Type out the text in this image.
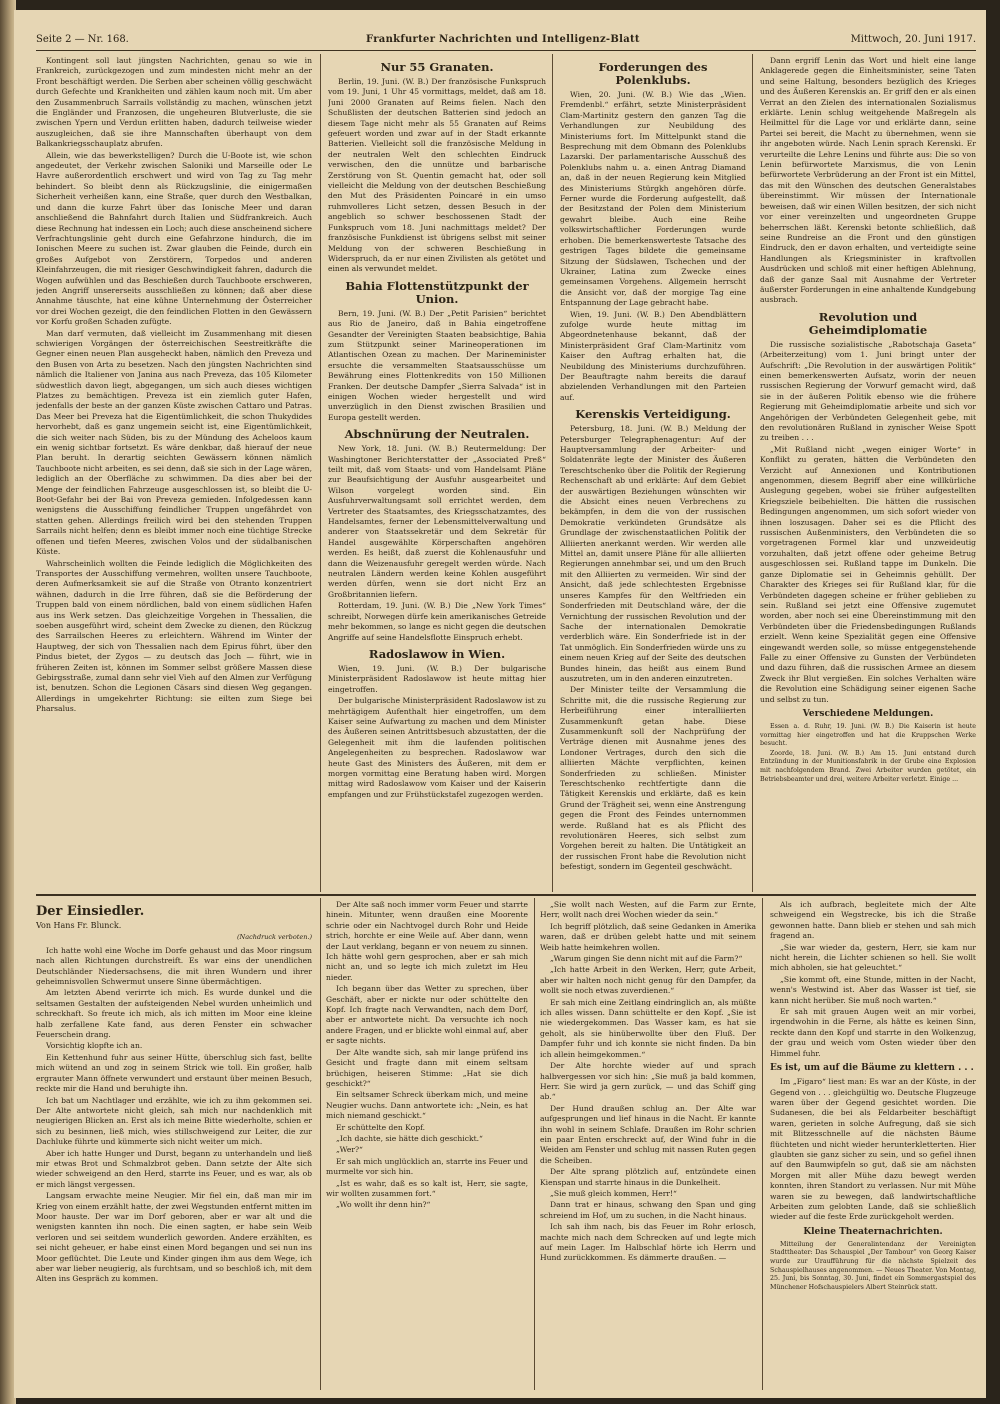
Seite 2 — Nr. 168.	Frankfurter Nachrichten und Intelligenz-Blatt	Mittwoch, 20. Juni 1917.

Kontingent soll laut jüngsten Nachrichten, genau so wie in Frankreich, zurückgezogen und zum mindesten nicht mehr an der Front beschäftigt werden. Die Serben aber scheinen völlig geschwächt durch Gefechte und Krankheiten und zählen kaum noch mit. Um aber den Zusammenbruch Sarrails vollständig zu machen, wünschen jetzt die Engländer und Franzosen, die ungeheuren Blutverluste, die sie zwischen Ypern und Verdun erlitten haben, dadurch teilweise wieder auszugleichen, daß sie ihre Mannschaften überhaupt von dem Balkankriegsschauplatz abrufen.

Allein, wie das bewerkstelligen? Durch die U-Boote ist, wie schon angedeutet, der Verkehr zwischen Saloniki und Marseille oder Le Havre außerordentlich erschwert und wird von Tag zu Tag mehr behindert. So bleibt denn als Rückzugslinie, die einigermaßen Sicherheit verheißen kann, eine Straße, quer durch den Westbalkan, und dann die kurze Fahrt über das Ionische Meer und daran anschließend die Bahnfahrt durch Italien und Südfrankreich. Auch diese Rechnung hat indessen ein Loch; auch diese anscheinend sichere Verfrachtungslinie geht durch eine Gefahrzone hindurch, die im Ionischen Meere zu suchen ist. Zwar glauben die Feinde, durch ein großes Aufgebot von Zerstörern, Torpedos und anderen Kleinfahrzeugen, die mit riesiger Geschwindigkeit fahren, dadurch die Wogen aufwühlen und das Beschießen durch Tauchboote erschweren, jeden Angriff unsererseits ausschließen zu können; daß aber diese Annahme täuschte, hat eine kühne Unternehmung der Österreicher vor drei Wochen gezeigt, die den feindlichen Flotten in den Gewässern vor Korfu großen Schaden zufügte.

Man darf vermuten, daß vielleicht im Zusammenhang mit diesen schwierigen Vorgängen der österreichischen Seestreitkräfte die Gegner einen neuen Plan ausgeheckt haben, nämlich den Preveza und den Busen von Arta zu besetzen. Nach den jüngsten Nachrichten sind nämlich die Italiener von Janina aus nach Preveza, das 105 Kilometer südwestlich davon liegt, abgegangen, um sich auch dieses wichtigen Platzes zu bemächtigen. Preveza ist ein ziemlich guter Hafen, jedenfalls der beste an der ganzen Küste zwischen Cattaro und Patras. Das Meer bei Preveza hat die Eigentümlichkeit, die schon Thukydides hervorhebt, daß es ganz ungemein seicht ist, eine Eigentümlichkeit, die sich weiter nach Süden, bis zu der Mündung des Acheloos kaum ein wenig sichtbar fortsetzt. Es wäre denkbar, daß hierauf der neue Plan beruht. In derartig seichten Gewässern können nämlich Tauchboote nicht arbeiten, es sei denn, daß sie sich in der Lage wären, lediglich an der Oberfläche zu schwimmen. Da dies aber bei der Menge der feindlichen Fahrzeuge ausgeschlossen ist, so bleibt die U-Boot-Gefahr bei der Bai von Preveza gemieden. Infolgedessen kann wenigstens die Ausschiffung feindlicher Truppen ungefährdet von statten gehen. Allerdings freilich wird bei den stehenden Truppen Sarrails nicht helfen; denn es bleibt immer noch eine tüchtige Strecke offenen und tiefen Meeres, zwischen Volos und der südalbanischen Küste.

Wahrscheinlich wollten die Feinde lediglich die Möglichkeiten des Transportes der Ausschiffung vermehren, wollten unsere Tauchboote, deren Aufmerksamkeit sie auf die Straße von Otranto konzentriert wähnen, dadurch in die Irre führen, daß sie die Beförderung der Truppen bald von einem nördlichen, bald von einem südlichen Hafen aus ins Werk setzen. Das gleichzeitige Vorgehen in Thessalien, die soeben ausgeführt wird, scheint dem Zwecke zu dienen, den Rückzug des Sarrailschen Heeres zu erleichtern. Während im Winter der Hauptweg, der sich von Thessalien nach dem Epirus führt, über den Pindus bietet, der Zygos — zu deutsch das Joch — führt, wie in früheren Zeiten ist, können im Sommer selbst größere Massen diese Gebirgsstraße, zumal dann sehr viel Vieh auf den Almen zur Verfügung ist, benutzen. Schon die Legionen Cäsars sind diesen Weg gegangen. Allerdings in umgekehrter Richtung: sie eilten zum Siege bei Pharsalus.

Nur 55 Granaten.

Berlin, 19. Juni. (W. B.) Der französische Funkspruch vom 19. Juni, 1 Uhr 45 vormittags, meldet, daß am 18. Juni 2000 Granaten auf Reims fielen. Nach den Schußlisten der deutschen Batterien sind jedoch an diesem Tage nicht mehr als 55 Granaten auf Reims gefeuert worden und zwar auf in der Stadt erkannte Batterien. Vielleicht soll die französische Meldung in der neutralen Welt den schlechten Eindruck verwischen, den die unnütze und barbarische Zerstörung von St. Quentin gemacht hat, oder soll vielleicht die Meldung von der deutschen Beschießung den Mut des Präsidenten Poincaré in ein umso ruhmvolleres Licht setzen, dessen Besuch in der angeblich so schwer beschossenen Stadt der Funkspruch vom 18. Juni nachmittags meldet? Der französische Funkdienst ist übrigens selbst mit seiner Meldung von der schweren Beschießung in Widerspruch, da er nur einen Zivilisten als getötet und einen als verwundet meldet.

Bahia Flottenstützpunkt der Union.

Bern, 19. Juni. (W. B.) Der „Petit Parisien“ berichtet aus Rio de Janeiro, daß in Bahia eingetroffene Gesandter der Vereinigten Staaten beabsichtige, Bahia zum Stützpunkt seiner Marineoperationen im Atlantischen Ozean zu machen. Der Marineminister ersuchte die versammelten Staatsausschüsse um Bewährung eines Flottenkredits von 150 Millionen Franken. Der deutsche Dampfer „Sierra Salvada“ ist in einigen Wochen wieder hergestellt und wird unverzüglich in den Dienst zwischen Brasilien und Europa gestellt werden.

Abschnürung der Neutralen.

New York, 18. Juni. (W. B.) Reutermeldung: Der Washingtoner Berichterstatter der „Associated Preß“ teilt mit, daß vom Staats- und vom Handelsamt Pläne zur Beaufsichtigung der Ausfuhr ausgearbeitet und Wilson vorgelegt worden sind. Ein Ausfuhrverwaltungsamt soll errichtet werden, dem Vertreter des Staatsamtes, des Kriegsschatzamtes, des Handelsamtes, ferner der Lebensmittelverwaltung und anderer von Staatssekretär und dem Sekretär für Handel ausgewählte Körperschaften angehören werden. Es heißt, daß zuerst die Kohlenausfuhr und dann die Weizenausfuhr geregelt werden würde. Nach neutralen Ländern werden keine Kohlen ausgeführt werden dürfen, wenn sie dort nicht Erz an Großbritannien liefern.

Rotterdam, 19. Juni. (W. B.) Die „New York Times“ schreibt, Norwegen dürfe kein amerikanisches Getreide mehr bekommen, so lange es nicht gegen die deutschen Angriffe auf seine Handelsflotte Einspruch erhebt.

Radoslawow in Wien.

Wien, 19. Juni. (W. B.) Der bulgarische Ministerpräsident Radoslawow ist heute mittag hier eingetroffen.

Der bulgarische Ministerpräsident Radoslawow ist zu mehrtägigem Aufenthalt hier eingetroffen, um dem Kaiser seine Aufwartung zu machen und dem Minister des Äußeren seinen Antrittsbesuch abzustatten, der die Gelegenheit mit ihm die laufenden politischen Angelegenheiten zu besprechen. Radoslawow war heute Gast des Ministers des Äußeren, mit dem er morgen vormittag eine Beratung haben wird. Morgen mittag wird Radoslawow vom Kaiser und der Kaiserin empfangen und zur Frühstückstafel zugezogen werden.

Forderungen des Polenklubs.

Wien, 20. Juni. (W. B.) Wie das „Wien. Fremdenbl.“ erfährt, setzte Ministerpräsident Clam-Martinitz gestern den ganzen Tag die Verhandlungen zur Neubildung des Ministeriums fort. Im Mittelpunkt stand die Besprechung mit dem Obmann des Polenklubs Lazarski. Der parlamentarische Ausschuß des Polenklubs nahm u. a. einen Antrag Diamand an, daß in der neuen Regierung kein Mitglied des Ministeriums Stürgkh angehören dürfe. Ferner wurde die Forderung aufgestellt, daß der Besitzstand der Polen dem Ministerium gewahrt bleibe. Auch eine Reihe volkswirtschaftlicher Forderungen wurde erhoben. Die bemerkenswerteste Tatsache des gestrigen Tages bildete die gemeinsame Sitzung der Südslawen, Tschechen und der Ukrainer, Latina zum Zwecke eines gemeinsamen Vorgehens. Allgemein herrscht die Ansicht vor, daß der morgige Tag eine Entspannung der Lage gebracht habe.

Wien, 19. Juni. (W. B.) Den Abendblättern zufolge wurde heute mittag im Abgeordnetenhause bekannt, daß der Ministerpräsident Graf Clam-Martinitz vom Kaiser den Auftrag erhalten hat, die Neubildung des Ministeriums durchzuführen. Der Beauftragte nahm bereits die darauf abzielenden Verhandlungen mit den Parteien auf.

Kerenskis Verteidigung.

Petersburg, 18. Juni. (W. B.) Meldung der Petersburger Telegraphenagentur: Auf der Hauptversammlung der Arbeiter- und Soldatenräte legte der Minister des Äußeren Tereschtschenko über die Politik der Regierung Rechenschaft ab und erklärte: Auf dem Gebiet der auswärtigen Beziehungen wünschten wir die Absicht eines neuen Verbrechens zu bekämpfen, in dem die von der russischen Demokratie verkündeten Grundsätze als Grundlage der zwischenstaatlichen Politik der Alliierten anerkannt werden. Wir werden alle Mittel an, damit unsere Pläne für alle alliierten Regierungen annehmbar sei, und um den Bruch mit den Alliierten zu vermeiden. Wir sind der Ansicht, daß jede schlechtesten Ergebnisse unseres Kampfes für den Weltfrieden ein Sonderfrieden mit Deutschland wäre, der die Vernichtung der russischen Revolution und der Sache der internationalen Demokratie verderblich wäre. Ein Sonderfriede ist in der Tat unmöglich. Ein Sonderfrieden würde uns zu einem neuen Krieg auf der Seite des deutschen Bundes hinein, das heißt aus einem Bund auszutreten, um in den anderen einzutreten.

Der Minister teilte der Versammlung die Schritte mit, die die russische Regierung zur Herbeiführung einer interalliierten Zusammenkunft getan habe. Diese Zusammenkunft soll der Nachprüfung der Verträge dienen mit Ausnahme jenes des Londoner Vertrages, durch den sich die alliierten Mächte verpflichten, keinen Sonderfrieden zu schließen. Minister Tereschtschenko rechtfertigte dann die Tätigkeit Kerenskis und erklärte, daß es kein Grund der Trägheit sei, wenn eine Anstrengung gegen die Front des Feindes unternommen werde. Rußland hat es als Pflicht des revolutionären Heeres, sich selbst zum Vorgehen bereit zu halten. Die Untätigkeit an der russischen Front habe die Revolution nicht befestigt, sondern im Gegenteil geschwächt.

Dann ergriff Lenin das Wort und hielt eine lange Anklagerede gegen die Einheitsminister, seine Taten und seine Haltung, besonders bezüglich des Krieges und des Äußeren Kerenskis an. Er griff den er als einen Verrat an den Zielen des internationalen Sozialismus erklärte. Lenin schlug weitgehende Maßregeln als Heilmittel für die Lage vor und erklärte dann, seine Partei sei bereit, die Macht zu übernehmen, wenn sie ihr angeboten würde. Nach Lenin sprach Kerenski. Er verurteilte die Lehre Lenins und führte aus: Die so von Lenin befürwortete Marxismus, die von Lenin befürwortete Verbrüderung an der Front ist ein Mittel, das mit den Wünschen des deutschen Generalstabes übereinstimmt. Wir müssen der Internationale beweisen, daß wir einen Willen besitzen, der sich nicht vor einer vereinzelten und ungeordneten Gruppe beherrschen läßt. Kerenski betonte schließlich, daß seine Rundreise an die Front und den günstigen Eindruck, den er davon erhalten, und verteidigte seine Handlungen als Kriegsminister in kraftvollen Ausdrücken und schloß mit einer heftigen Ablehnung, daß der ganze Saal mit Ausnahme der Vertreter äußerster Forderungen in eine anhaltende Kundgebung ausbrach.

Revolution und Geheimdiplomatie

Die russische sozialistische „Rabotschaja Gaseta“ (Arbeiterzeitung) vom 1. Juni bringt unter der Aufschrift: „Die Revolution in der auswärtigen Politik“ einen bemerkenswerten Aufsatz, worin der neuen russischen Regierung der Vorwurf gemacht wird, daß sie in der äußeren Politik ebenso wie die frühere Regierung mit Geheimdiplomatie arbeite und sich vor Angehörigen der Verbündeten Gelegenheit gebe, mit den revolutionären Rußland in zynischer Weise Spott zu treiben . . .

„Mit Rußland nicht „wegen einiger Worte“ in Konflikt zu geraten, hätten die Verbündeten den Verzicht auf Annexionen und Kontributionen angenommen, diesem Begriff aber eine willkürliche Auslegung gegeben, wobei sie früher aufgestellten Kriegsziele beibehielten. Die hätten die russischen Bedingungen angenommen, um sich sofort wieder von ihnen loszusagen. Daher sei es die Pflicht des russischen Außenministers, den Verbündeten die so vorgetragenen Formel klar und unzweideutig vorzuhalten, daß jetzt offene oder geheime Betrug ausgeschlossen sei. Rußland tappe im Dunkeln. Die ganze Diplomatie sei in Geheimnis gehüllt. Der Charakter des Krieges sei für Rußland klar, für die Verbündeten dagegen scheine er früher geblieben zu sein. Rußland sei jetzt eine Offensive zugemutet worden, aber noch sei eine Übereinstimmung mit den Verbündeten über die Friedensbedingungen Rußlands erzielt. Wenn keine Spezialität gegen eine Offensive eingewandt werden solle, so müsse entgegenstehende Falle zu einer Offensive zu Gunsten der Verbündeten und dazu führen, daß die russischen Armee an diesem Zweck ihr Blut vergießen. Ein solches Verhalten wäre die Revolution eine Schädigung seiner eigenen Sache und selbst zu tun.

Verschiedene Meldungen.

Essen a. d. Ruhr, 19. Juni. (W. B.) Die Kaiserin ist heute vormittag hier eingetroffen und hat die Kruppschen Werke besucht.

Zoorde, 18. Juni. (W. B.) Am 15. Juni entstand durch Entzündung in der Munitionsfabrik in der Grube eine Explosion mit nachfolgendem Brand. Zwei Arbeiter wurden getötet, ein Betriebsbeamter und drei, weitere Arbeiter verletzt. Einige ...

Der Einsiedler.

Von Hans Fr. Blunck.

(Nachdruck verboten.)

Ich hatte wohl eine Woche im Dorfe gehaust und das Moor ringsum nach allen Richtungen durchstreift. Es war eins der unendlichen Deutschländer Niedersachsens, die mit ihren Wundern und ihrer geheimnisvollen Schwermut unsere Sinne übermächtigen.

Am letzten Abend verirrte ich mich. Es wurde dunkel und die seltsamen Gestalten der aufsteigenden Nebel wurden unheimlich und schreckhaft. So freute ich mich, als ich mitten im Moor eine kleine halb zerfallene Kate fand, aus deren Fenster ein schwacher Feuerschein drang.

Vorsichtig klopfte ich an.

Ein Kettenhund fuhr aus seiner Hütte, überschlug sich fast, bellte mich wütend an und zog in seinem Strick wie toll. Ein großer, halb ergrauter Mann öffnete verwundert und erstaunt über meinen Besuch, reckte mir die Hand und beruhigte ihn.

Ich bat um Nachtlager und erzählte, wie ich zu ihm gekommen sei. Der Alte antwortete nicht gleich, sah mich nur nachdenklich mit neugierigen Blicken an. Erst als ich meine Bitte wiederholte, schien er sich zu besinnen, ließ mich, wies stillschweigend zur Leiter, die zur Dachluke führte und kümmerte sich nicht weiter um mich.

Aber ich hatte Hunger und Durst, begann zu unterhandeln und ließ mir etwas Brot und Schmalzbrot geben. Dann setzte der Alte sich wieder schweigend an den Herd, starrte ins Feuer, und es war, als ob er mich längst vergessen.

Langsam erwachte meine Neugier. Mir fiel ein, daß man mir im Krieg von einem erzählt hatte, der zwei Wegstunden entfernt mitten im Moor hauste. Der war im Dorf geboren, aber er war alt und die wenigsten kannten ihn noch. Die einen sagten, er habe sein Weib verloren und sei seitdem wunderlich geworden. Andere erzählten, es sei nicht geheuer, er habe einst einen Mord begangen und sei nun ins Moor geflüchtet. Die Leute und Kinder gingen ihm aus dem Wege, ich aber war lieber neugierig, als furchtsam, und so beschloß ich, mit dem Alten ins Gespräch zu kommen.

Der Alte saß noch immer vorm Feuer und starrte hinein. Mitunter, wenn draußen eine Moorente schrie oder ein Nachtvogel durch Rohr und Heide strich, horchte er eine Weile auf. Aber dann, wenn der Laut verklang, begann er von neuem zu sinnen. Ich hätte wohl gern gesprochen, aber er sah mich nicht an, und so legte ich mich zuletzt im Heu nieder.

Ich begann über das Wetter zu sprechen, über Geschäft, aber er nickte nur oder schüttelte den Kopf. Ich fragte nach Verwandten, nach dem Dorf, aber er antwortete nicht. Da versuchte ich noch andere Fragen, und er blickte wohl einmal auf, aber er sagte nichts.

Der Alte wandte sich, sah mir lange prüfend ins Gesicht und fragte dann mit einem seltsam brüchigen, heiseren Stimme: „Hat sie dich geschickt?“

Ein seltsamer Schreck überkam mich, und meine Neugier wuchs. Dann antwortete ich: „Nein, es hat mich niemand geschickt.“

Er schüttelte den Kopf.

„Ich dachte, sie hätte dich geschickt.“

„Wer?“

Er sah mich unglücklich an, starrte ins Feuer und murmelte vor sich hin.

„Ist es wahr, daß es so kalt ist, Herr, sie sagte, wir wollten zusammen fort.“

„Wo wollt ihr denn hin?“

„Sie wollt nach Westen, auf die Farm zur Ernte, Herr, wollt nach drei Wochen wieder da sein.“

Ich begriff plötzlich, daß seine Gedanken in Amerika waren, daß er drüben gelebt hatte und mit seinem Weib hatte heimkehren wollen.

„Warum gingen Sie denn nicht mit auf die Farm?“

„Ich hatte Arbeit in den Werken, Herr, gute Arbeit, aber wir halten noch nicht genug für den Dampfer, da wollt sie noch etwas zuverdienen.“

Er sah mich eine Zeitlang eindringlich an, als müßte ich alles wissen. Dann schüttelte er den Kopf. „Sie ist nie wiedergekommen. Das Wasser kam, es hat sie geholt, als sie hinüberwollte über den Fluß. Der Dampfer fuhr und ich konnte sie nicht finden. Da bin ich allein heimgekommen.“

Der Alte horchte wieder auf und sprach halbvergessen vor sich hin: „Sie muß ja bald kommen, Herr. Sie wird ja gern zurück, — und das Schiff ging ab.“

Der Hund draußen schlug an. Der Alte war aufgesprungen und lief hinaus in die Nacht. Er kannte ihn wohl in seinem Schlafe. Draußen im Rohr schrien ein paar Enten erschreckt auf, der Wind fuhr in die Weiden am Fenster und schlug mit nassen Ruten gegen die Scheiben.

Der Alte sprang plötzlich auf, entzündete einen Kienspan und starrte hinaus in die Dunkelheit.

„Sie muß gleich kommen, Herr!“

Dann trat er hinaus, schwang den Span und ging schreiend im Hof, um zu suchen, in die Nacht hinaus.

Ich sah ihm nach, bis das Feuer im Rohr erlosch, machte mich nach dem Schrecken auf und legte mich auf mein Lager. Im Halbschlaf hörte ich Herrn und Hund zurückkommen. Es dämmerte draußen. —

Als ich aufbrach, begleitete mich der Alte schweigend ein Wegstrecke, bis ich die Straße gewonnen hatte. Dann blieb er stehen und sah mich fragend an.

„Sie war wieder da, gestern, Herr, sie kam nur nicht herein, die Lichter schienen so hell. Sie wollt mich abholen, sie hat geleuchtet.“

„Sie kommt oft, eine Stunde, mitten in der Nacht, wenn's Westwind ist. Aber das Wasser ist tief, sie kann nicht herüber. Sie muß noch warten.“

Er sah mit grauen Augen weit an mir vorbei, irgendwohin in die Ferne, als hätte es keinen Sinn, reckte dann den Kopf und starrte in den Wolkenzug, der grau und weich vom Osten wieder über den Himmel fuhr.

Es ist, um auf die Bäume zu klettern . . .

Im „Figaro“ liest man: Es war an der Küste, in der Gegend von . . . gleichgültig wo. Deutsche Flugzeuge waren über der Gegend gesichtet worden. Die Sudanesen, die bei als Feldarbeiter beschäftigt waren, gerieten in solche Aufregung, daß sie sich mit Blitzesschnelle auf die nächsten Bäume flüchteten und nicht wieder herunterkletterten. Hier glaubten sie ganz sicher zu sein, und so gefiel ihnen auf den Baumwipfeln so gut, daß sie am nächsten Morgen mit aller Mühe dazu bewegt werden konnten, ihren Standort zu verlassen. Nur mit Mühe waren sie zu bewegen, daß landwirtschaftliche Arbeiten zum gelobten Lande, daß sie schließlich wieder auf die feste Erde zurückgeholt werden.

Kleine Theaternachrichten.

Mitteilung der Generalintendanz der Vereinigten Stadttheater: Das Schauspiel „Der Tambour“ von Georg Kaiser wurde zur Uraufführung für die nächste Spielzeit des Schauspielhauses angenommen. — Neues Theater. Von Montag, 25. Juni, bis Sonntag, 30. Juni, findet ein Sommergastspiel des Münchener Hofschauspielers Albert Steinrück statt.
